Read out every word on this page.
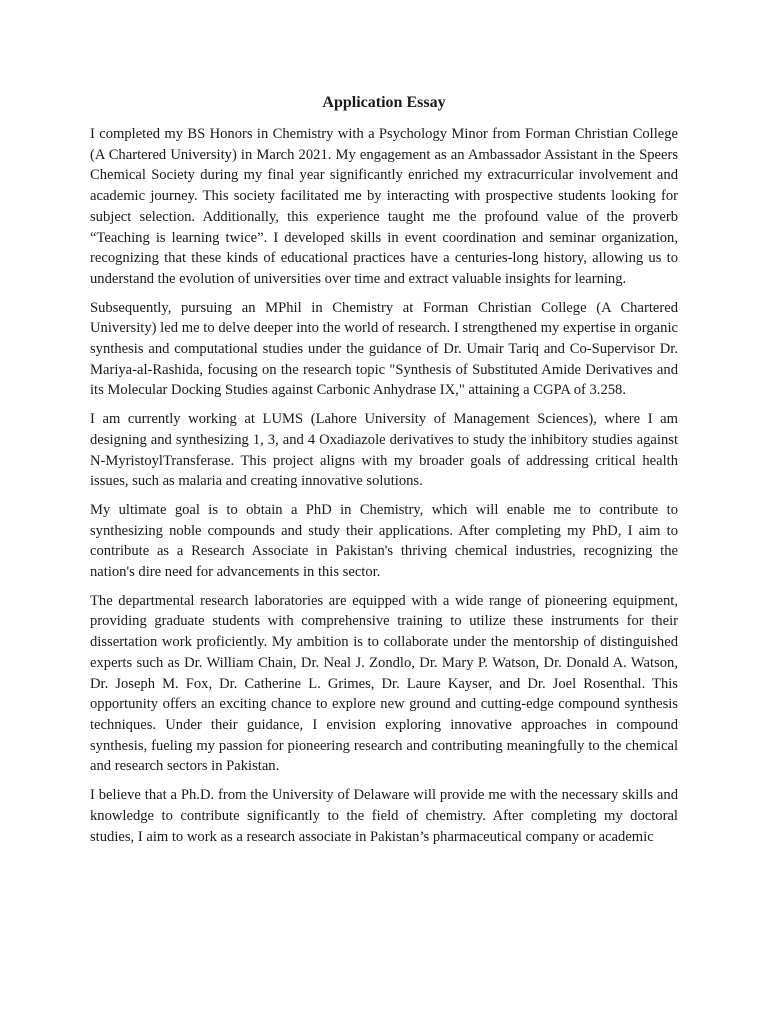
Application Essay

I completed my BS Honors in Chemistry with a Psychology Minor from Forman Christian College (A Chartered University) in March 2021. My engagement as an Ambassador Assistant in the Speers Chemical Society during my final year significantly enriched my extracurricular involvement and academic journey. This society facilitated me by interacting with prospective students looking for subject selection. Additionally, this experience taught me the profound value of the proverb “Teaching is learning twice”. I developed skills in event coordination and seminar organization, recognizing that these kinds of educational practices have a centuries-long history, allowing us to understand the evolution of universities over time and extract valuable insights for learning.

Subsequently, pursuing an MPhil in Chemistry at Forman Christian College (A Chartered University) led me to delve deeper into the world of research. I strengthened my expertise in organic synthesis and computational studies under the guidance of Dr. Umair Tariq and Co-Supervisor Dr. Mariya-al-Rashida, focusing on the research topic "Synthesis of Substituted Amide Derivatives and its Molecular Docking Studies against Carbonic Anhydrase IX," attaining a CGPA of 3.258.

I am currently working at LUMS (Lahore University of Management Sciences), where I am designing and synthesizing 1, 3, and 4 Oxadiazole derivatives to study the inhibitory studies against N-MyristoylTransferase. This project aligns with my broader goals of addressing critical health issues, such as malaria and creating innovative solutions.

My ultimate goal is to obtain a PhD in Chemistry, which will enable me to contribute to synthesizing noble compounds and study their applications. After completing my PhD, I aim to contribute as a Research Associate in Pakistan's thriving chemical industries, recognizing the nation's dire need for advancements in this sector.

The departmental research laboratories are equipped with a wide range of pioneering equipment, providing graduate students with comprehensive training to utilize these instruments for their dissertation work proficiently. My ambition is to collaborate under the mentorship of distinguished experts such as Dr. William Chain, Dr. Neal J. Zondlo, Dr. Mary P. Watson, Dr. Donald A. Watson, Dr. Joseph M. Fox, Dr. Catherine L. Grimes, Dr. Laure Kayser, and Dr. Joel Rosenthal. This opportunity offers an exciting chance to explore new ground and cutting-edge compound synthesis techniques. Under their guidance, I envision exploring innovative approaches in compound synthesis, fueling my passion for pioneering research and contributing meaningfully to the chemical and research sectors in Pakistan.

I believe that a Ph.D. from the University of Delaware will provide me with the necessary skills and knowledge to contribute significantly to the field of chemistry. After completing my doctoral studies, I aim to work as a research associate in Pakistan’s pharmaceutical company or academic
